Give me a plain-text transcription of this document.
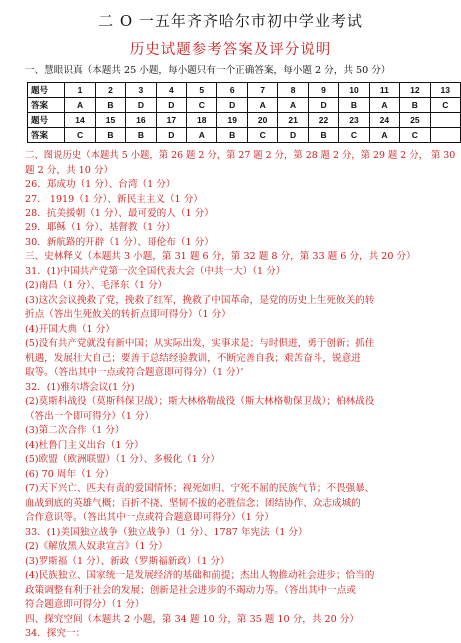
二 O 一五年齐齐哈尔市初中学业考试
历史试题参考答案及评分说明
一、慧眼识真（本题共 25 小题，每小题只有一个正确答案，每小题 2 分，共 50 分）
题号	1	2	3	4	5	6	7	8	9	10	11	12	13
答案	A	B	D	D	C	D	A	A	D	B	A	B	C
题号	14	15	16	17	18	19	20	21	22	23	24	25	
答案	C	B	B	D	A	B	C	D	B	C	A	C	
二、图说历史（本题共 5 小题，第 26 题 2 分，第 27 题 2 分，第 28 题 2 分，第 29 题 2 分， 第 30
题 2 分，共 10 分）
26．郑成功（1 分）、台湾（1 分）
27． 1919（1 分）、新民主主义（1 分）
28．抗美援朝（1 分）、最可爱的人（1 分）
29．耶稣（1 分）、基督教（1 分）
30．新航路的开辟（1 分）、哥伦布（1 分）
三、史林释义（本题共 3 小题，第 31 题 6 分，第 32 题 8 分，第 33 题 6 分，共 20 分）
31．(1)中国共产党第一次全国代表大会（中共一大）（1 分）
(2)南昌（1 分）、毛泽东（1 分）
(3)这次会议挽救了党，挽救了红军，挽救了中国革命，是党的历史上生死攸关的转
折点（答出生死攸关的转折点即可得分）（1 分）
(4)开国大典（1 分）
(5)没有共产党就没有新中国；从实际出发，实事求是；与时俱进，勇于创新；抓住
机遇，发展壮大自己；要善于总结经验教训，不断完善自我；艰苦奋斗，锐意进
取等。（答出其中一点或符合题意即可得分）（1 分）’
32．(1)雅尔塔会议(1 分)
(2)莫斯科战役（莫斯科保卫战）；斯大林格勒战役（斯大林格勒保卫战）；柏林战役
（答出一个即可得分）（1 分）
(3)第二次合作（1 分）
(4)杜鲁门主义出台（1 分）
(5)欧盟（欧洲联盟）（1 分）、多极化（1 分）
(6) 70 周年（1 分）
(7)天下兴亡、匹夫有责的爱国情怀；视死如归、宁死不屈的民族气节；不畏强暴、
血战到底的英雄气概；百折不挠、坚韧不拔的必胜信念；团结协作、众志成城的
合作意识等。（答出其中一点或符合题意即可得分）（1 分）
33．(1)美国独立战争（独立战争）（1 分）、1787 年宪法（1 分）
(2)《解放黑人奴隶宣言》（1 分）
(3)罗斯福（1 分）、新政（罗斯福新政）（1 分）
(4)民族独立、国家统一是发展经济的基础和前提；杰出人物推动社会进步；恰当的
政策调整有利于社会的发展；创新是社会进步的不竭动力等。（答出其中一点或
符合题意即可得分）（1 分）
四、探究空间（本题共 2 小题，第 34 题 10 分，第 35 题 10 分，共 20 分）
34．探究一：
